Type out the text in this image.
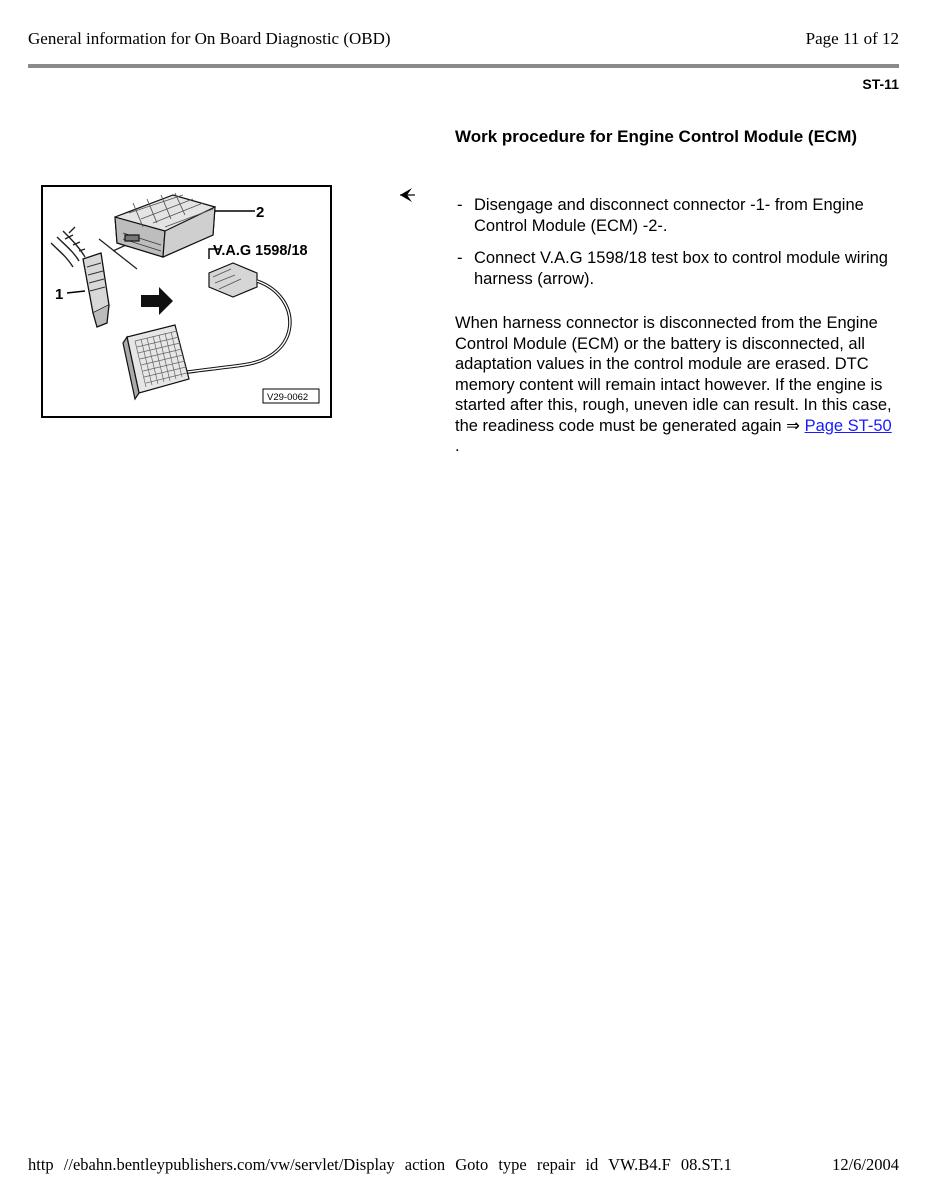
General information for On Board Diagnostic (OBD)	Page 11 of 12
ST-11
1
2
V.A.G 1598/18
V29-0062
Work procedure for Engine Control Module (ECM)
- Disengage and disconnect connector -1- from Engine Control Module (ECM) -2-.
- Connect V.A.G 1598/18 test box to control module wiring harness (arrow).

When harness connector is disconnected from the Engine Control Module (ECM) or the battery is disconnected, all adaptation values in the control module are erased. DTC memory content will remain intact however. If the engine is started after this, rough, uneven idle can result. In this case, the readiness code must be generated again ⇒ Page ST-50 .

http //ebahn.bentleypublishers.com/vw/servlet/Display action Goto type repair id VW.B4.F 08.ST.1	12/6/2004
